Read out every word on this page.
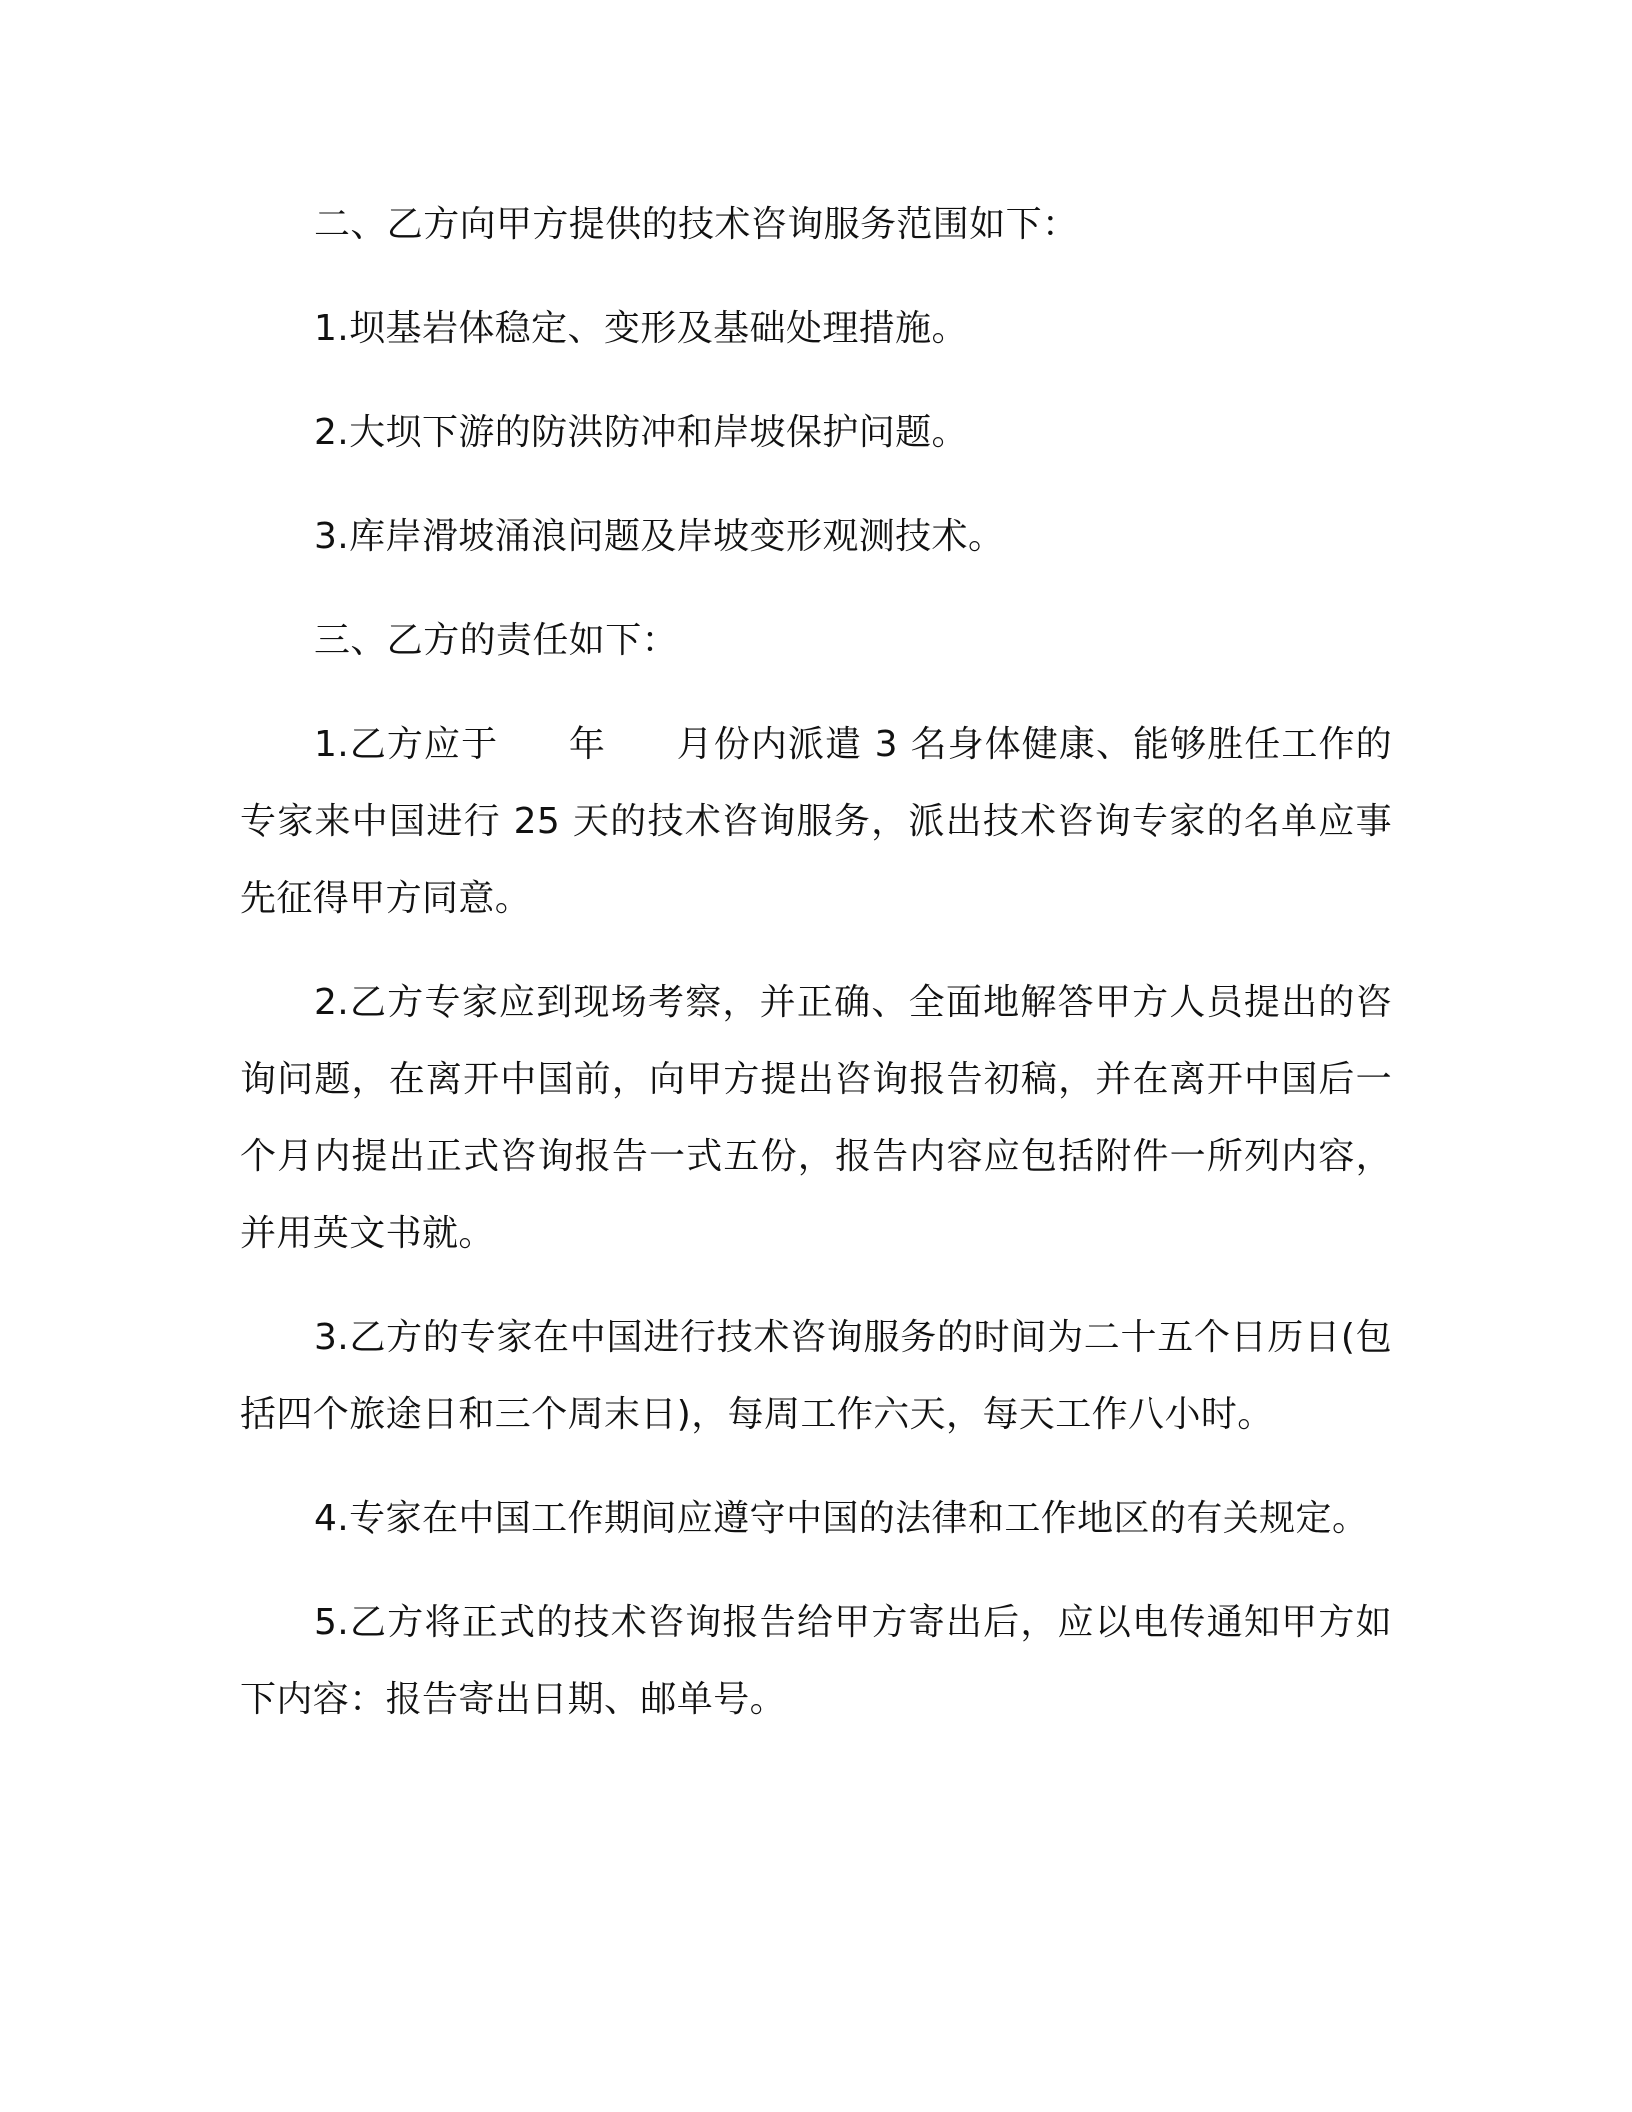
二、乙方向甲方提供的技术咨询服务范围如下：

1.坝基岩体稳定、变形及基础处理措施。

2.大坝下游的防洪防冲和岸坡保护问题。

3.库岸滑坡涌浪问题及岸坡变形观测技术。

三、乙方的责任如下：

1.乙方应于 年 月份内派遣 3 名身体健康、能够胜任工作的专家来中国进行 25 天的技术咨询服务，派出技术咨询专家的名单应事先征得甲方同意。

2.乙方专家应到现场考察，并正确、全面地解答甲方人员提出的咨询问题，在离开中国前，向甲方提出咨询报告初稿，并在离开中国后一个月内提出正式咨询报告一式五份，报告内容应包括附件一所列内容，并用英文书就。

3.乙方的专家在中国进行技术咨询服务的时间为二十五个日历日(包括四个旅途日和三个周末日)，每周工作六天，每天工作八小时。

4.专家在中国工作期间应遵守中国的法律和工作地区的有关规定。

5.乙方将正式的技术咨询报告给甲方寄出后，应以电传通知甲方如下内容：报告寄出日期、邮单号。
